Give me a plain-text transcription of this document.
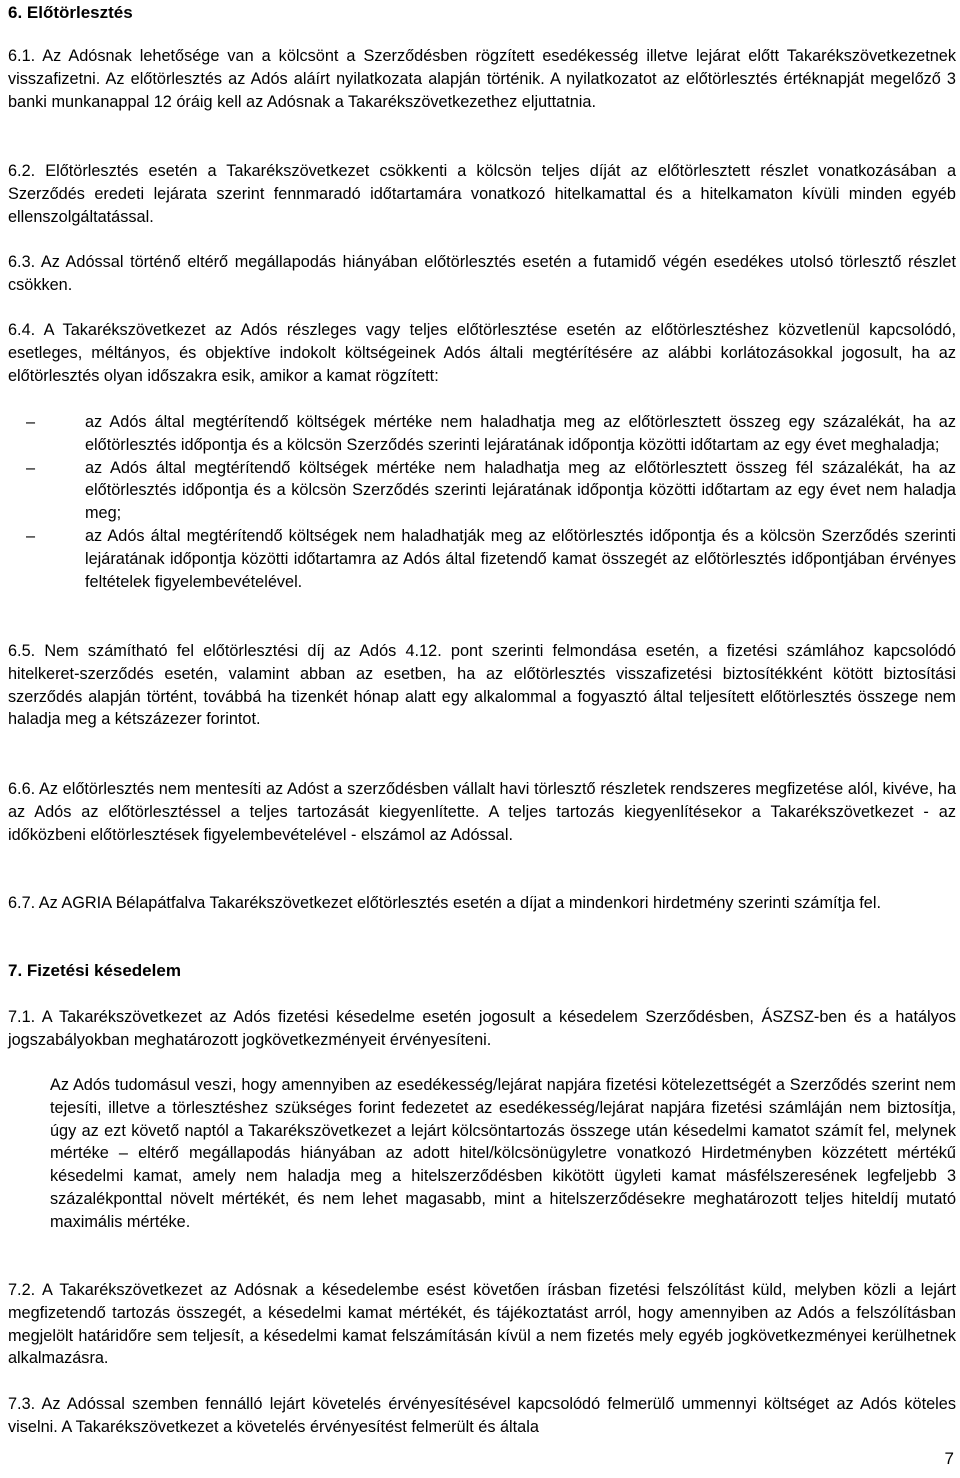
6. Előtörlesztés

6.1. Az Adósnak lehetősége van a kölcsönt a Szerződésben rögzített esedékesség illetve lejárat előtt Takarékszövetkezetnek visszafizetni. Az előtörlesztés az Adós aláírt nyilatkozata alapján történik. A nyilatkozatot az előtörlesztés értéknapját megelőző 3 banki munkanappal 12 óráig kell az Adósnak a Takarékszövetkezethez eljuttatnia.

6.2. Előtörlesztés esetén a Takarékszövetkezet csökkenti a kölcsön teljes díját az előtörlesztett részlet vonatkozásában a Szerződés eredeti lejárata szerint fennmaradó időtartamára vonatkozó hitelkamattal és a hitelkamaton kívüli minden egyéb ellenszolgáltatással.

6.3. Az Adóssal történő eltérő megállapodás hiányában előtörlesztés esetén a futamidő végén esedékes utolsó törlesztő részlet csökken.

6.4. A Takarékszövetkezet az Adós részleges vagy teljes előtörlesztése esetén az előtörlesztéshez közvetlenül kapcsolódó, esetleges, méltányos, és objektíve indokolt költségeinek Adós általi megtérítésére az alábbi korlátozásokkal jogosult, ha az előtörlesztés olyan időszakra esik, amikor a kamat rögzített:

–	az Adós által megtérítendő költségek mértéke nem haladhatja meg az előtörlesztett összeg egy százalékát, ha az előtörlesztés időpontja és a kölcsön Szerződés szerinti lejáratának időpontja közötti időtartam az egy évet meghaladja;
–	az Adós által megtérítendő költségek mértéke nem haladhatja meg az előtörlesztett összeg fél százalékát, ha az előtörlesztés időpontja és a kölcsön Szerződés szerinti lejáratának időpontja közötti időtartam az egy évet nem haladja meg;
–	az Adós által megtérítendő költségek nem haladhatják meg az előtörlesztés időpontja és a kölcsön Szerződés szerinti lejáratának időpontja közötti időtartamra az Adós által fizetendő kamat összegét az előtörlesztés időpontjában érvényes feltételek figyelembevételével.

6.5. Nem számítható fel előtörlesztési díj az Adós 4.12. pont szerinti felmondása esetén, a fizetési számlához kapcsolódó hitelkeret-szerződés esetén, valamint abban az esetben, ha az előtörlesztés visszafizetési biztosítékként kötött biztosítási szerződés alapján történt, továbbá ha tizenkét hónap alatt egy alkalommal a fogyasztó által teljesített előtörlesztés összege nem haladja meg a kétszázezer forintot.

6.6. Az előtörlesztés nem mentesíti az Adóst a szerződésben vállalt havi törlesztő részletek rendszeres megfizetése alól, kivéve, ha az Adós az előtörlesztéssel a teljes tartozását kiegyenlítette. A teljes tartozás kiegyenlítésekor a Takarékszövetkezet - az időközbeni előtörlesztések figyelembevételével - elszámol az Adóssal.

6.7. Az AGRIA Bélapátfalva Takarékszövetkezet előtörlesztés esetén a díjat a mindenkori hirdetmény szerinti számítja fel.

7. Fizetési késedelem

7.1. A Takarékszövetkezet az Adós fizetési késedelme esetén jogosult a késedelem Szerződésben, ÁSZSZ-ben és a hatályos jogszabályokban meghatározott jogkövetkezményeit érvényesíteni.

Az Adós tudomásul veszi, hogy amennyiben az esedékesség/lejárat napjára fizetési kötelezettségét a Szerződés szerint nem tejesíti, illetve a törlesztéshez szükséges forint fedezetet az esedékesség/lejárat napjára fizetési számláján nem biztosítja, úgy az ezt követő naptól a Takarékszövetkezet a lejárt kölcsöntartozás összege után késedelmi kamatot számít fel, melynek mértéke – eltérő megállapodás hiányában az adott hitel/kölcsönügyletre vonatkozó Hirdetményben közzétett mértékű késedelmi kamat, amely nem haladja meg a hitelszerződésben kikötött ügyleti kamat másfélszeresének legfeljebb 3 százalékponttal növelt mértékét, és nem lehet magasabb, mint a hitelszerződésekre meghatározott teljes hiteldíj mutató maximális mértéke.

7.2. A Takarékszövetkezet az Adósnak a késedelembe esést követően írásban fizetési felszólítást küld, melyben közli a lejárt megfizetendő tartozás összegét, a késedelmi kamat mértékét, és tájékoztatást arról, hogy amennyiben az Adós a felszólításban megjelölt határidőre sem teljesít, a késedelmi kamat felszámításán kívül a nem fizetés mely egyéb jogkövetkezményei kerülhetnek alkalmazásra.

7.3. Az Adóssal szemben fennálló lejárt követelés érvényesítésével kapcsolódó felmerülő ummennyi költséget az Adós köteles viselni. A Takarékszövetkezet a követelés érvényesítést felmerült és általa

7
